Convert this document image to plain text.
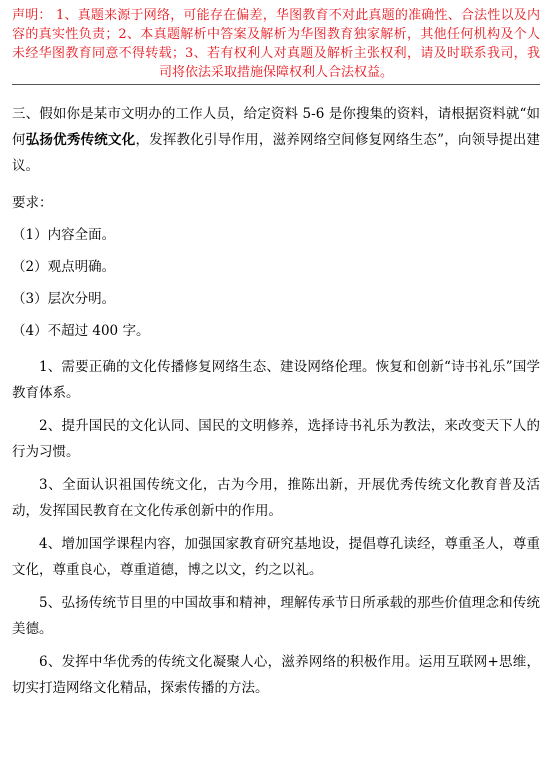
声明： 1、真题来源于网络，可能存在偏差，华图教育不对此真题的准确性、合法性以及内容的真实性负责；2、本真题解析中答案及解析为华图教育独家解析，其他任何机构及个人未经华图教育同意不得转载；3、若有权利人对真题及解析主张权利，请及时联系我司，我司将依法采取措施保障权利人合法权益。

三、假如你是某市文明办的工作人员，给定资料 5-6 是你搜集的资料，请根据资料就“如何弘扬优秀传统文化，发挥教化引导作用，滋养网络空间修复网络生态”，向领导提出建议。

要求：

（1）内容全面。

（2）观点明确。

（3）层次分明。

（4）不超过 400 字。

1、需要正确的文化传播修复网络生态、建设网络伦理。恢复和创新“诗书礼乐”国学教育体系。

2、提升国民的文化认同、国民的文明修养，选择诗书礼乐为教法，来改变天下人的行为习惯。

3、全面认识祖国传统文化，古为今用，推陈出新，开展优秀传统文化教育普及活动，发挥国民教育在文化传承创新中的作用。

4、增加国学课程内容，加强国家教育研究基地设，提倡尊孔读经，尊重圣人，尊重文化，尊重良心，尊重道德，博之以文，约之以礼。

5、弘扬传统节目里的中国故事和精神，理解传承节日所承载的那些价值理念和传统美德。

6、发挥中华优秀的传统文化凝聚人心，滋养网络的积极作用。运用互联网+思维，切实打造网络文化精品，探索传播的方法。
